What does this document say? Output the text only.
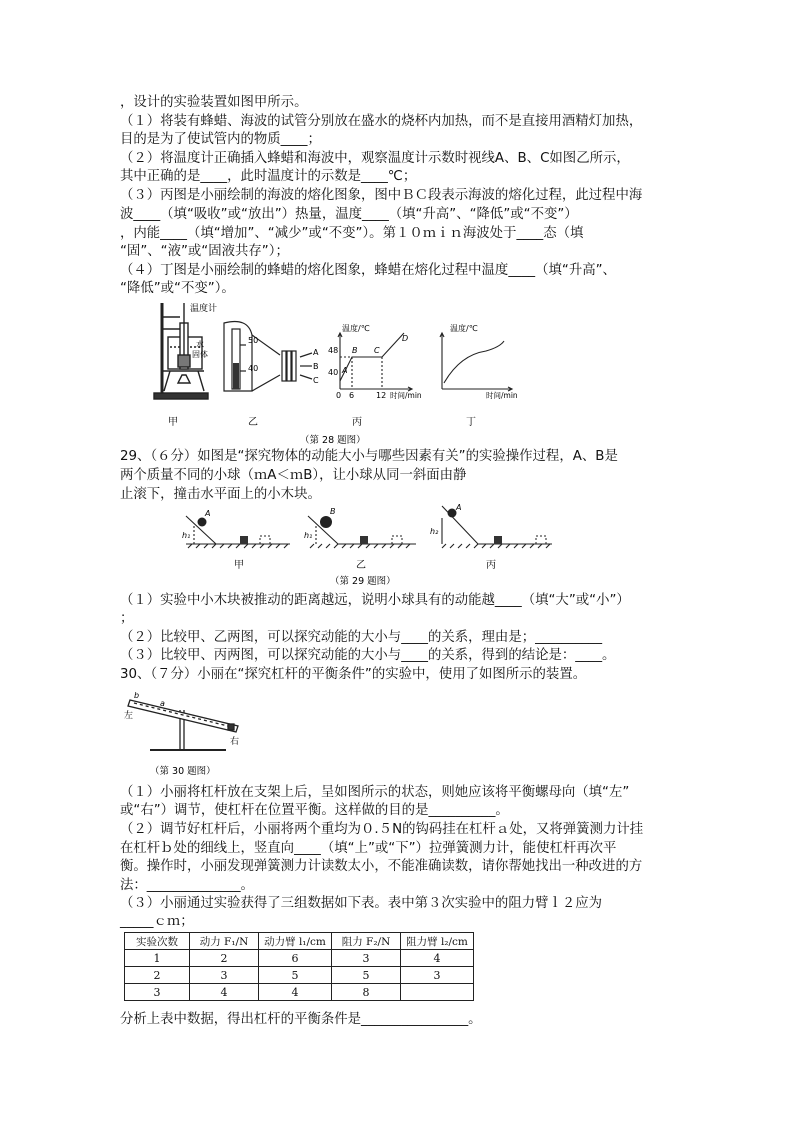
，设计的实验装置如图甲所示。
（１）将装有蜂蜡、海波的试管分别放在盛水的烧杯内加热，而不是直接用酒精灯加热，
目的是为了使试管内的物质____；
（２）将温度计正确插入蜂蜡和海波中，观察温度计示数时视线A、B、C如图乙所示，
其中正确的是____，此时温度计的示数是____℃；
（３）丙图是小丽绘制的海波的熔化图象，图中ＢＣ段表示海波的熔化过程，此过程中海
波____（填“吸收”或“放出”）热量，温度____（填“升高”、“降低”或“不变”）
，内能____（填“增加”、“减少”或“不变”）。第１０ｍｉｎ海波处于____态（填
“固”、“液”或“固液共存”）；
（４）丁图是小丽绘制的蜂蜡的熔化图象，蜂蜡在熔化过程中温度____（填“升高”、
“降低”或“不变”）。
温度计
水
固体
50
40
A
B
C
温度/℃
48
40
0 6	12 时间/min
A
B C
D
温度/℃
时间/min
甲	乙	丙	丁
（第 28 题图）
29、（６分）如图是“探究物体的动能大小与哪些因素有关”的实验操作过程，A、B是
两个质量不同的小球（ｍA＜ｍB），让小球从同一斜面由静
止滚下，撞击水平面上的小木块。
A
h₁
B
h₁
A
h₂
甲	乙	丙
（第 29 题图）
（１）实验中小木块被推动的距离越远，说明小球具有的动能越____（填“大”或“小”）
；
（２）比较甲、乙两图，可以探究动能的大小与____的关系，理由是；__________
（３）比较甲、丙两图，可以探究动能的大小与____的关系，得到的结论是：____。
30、（７分）小丽在“探究杠杆的平衡条件”的实验中，使用了如图所示的装置。
b
a
左
右
（第 30 题图）
（１）小丽将杠杆放在支架上后，呈如图所示的状态，则她应该将平衡螺母向（填“左”
或“右”）调节，使杠杆在位置平衡。这样做的目的是__________。
（２）调节好杠杆后，小丽将两个重均为０.５N的钩码挂在杠杆ａ处，又将弹簧测力计挂
在杠杆ｂ处的细线上，竖直向____（填“上”或“下”）拉弹簧测力计，能使杠杆再次平
衡。操作时，小丽发现弹簧测力计读数太小，不能准确读数，请你帮她找出一种改进的方
法：______________。
（３）小丽通过实验获得了三组数据如下表。表中第３次实验中的阻力臂ｌ２应为
_____ｃｍ；
实验次数	动力 F₁/N	动力臂 l₁/cm	阻力 F₂/N	阻力臂 l₂/cm
1	2	6	3	4
2	3	5	5	3
3	4	4	8	
分析上表中数据，得出杠杆的平衡条件是________________。
